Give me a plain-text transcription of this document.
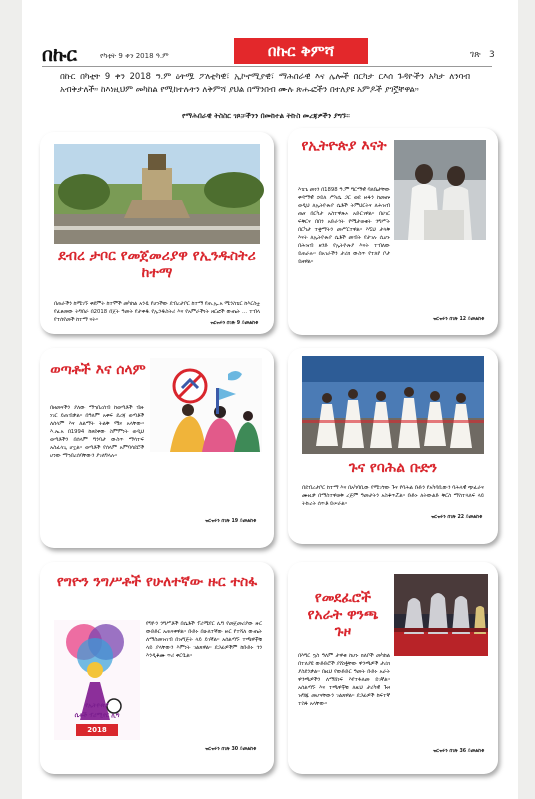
በኩር	የካቲት 9 ቀን 2018 ዓ.ም	በኩር ቅምሻ	ገጽ 3

በኩር በካቲት 9 ቀን 2018 ዓ.ም ዕትሟ ፖለቲካዊ፣ ኢኮኖሚያዊ፣ ማሕበራዊ እና ሌሎች በርካታ ርእሰ ጉዳዮችን አካታ ለንባብ አብቅታለች። ከእነዚህም መካከል የሚከተሉትን ለቅምሻ ያህል በማንበብ ሙሉ ጽሑፎችን በተለያዩ አምዶች ያገኟቸዋል።

የማሕበራዊ ትስስር ገጾቻችንን በመከተል ትኩስ መረጃዎችን ያግኙ።
ደብረ ታቦር የመጀመሪያዋ የኢንዱስትሪ ከተማ
በጠራችን ከሚገኙ ቀደምት ከተሞች መካከል አንዷ የሆነችው ደብረታቦር ከተማ የጠ.ኢ.አ ሚንስቴር ከእርስቷ የፈፀመው ትግበራ በ2018 በጀት ዓመት የታቀዱ የኢንዱስትሪ እና የአምራችነት ዘርፎች ውጤት ... ተብላ የተሰየመች ከተማ ናት።
ዝርዝሩን በገጽ 9 ይመልከቱ
የኢትዮጵያ እናት
እቴጌ መነን በ1898 ዓ.ም ግርማዊ ባለቤታቸው ቀዳማዊ ኃይለ ሥላሴ ጋር ወደ ዙፋን ከመጡ ወዲህ ለኢትዮጵያ ሴቶች ትምህርትና ለሕዝብ ጤና በርካታ አስተዋጽኦ አድርገዋል። በሀገር ፍቅርና በበጎ አድራጎት የሚታወቁት ንግሥት በርካታ ተቋማትን መሥርተዋል። እኚህ ታላቅ እናት ለኢትዮጵያ ሴቶች መብት የታገሉ ሲሆኑ በሕዝብ ዘንድ የኢትዮጵያ እናት ተብለው ይጠራሉ። በአገራችን ታሪክ ውስጥ የተለየ ቦታ ይዘዋል።
ዝርዝሩን በገጽ 12 ይመልከቱ
ወጣቶች እና ሰላም
በዘመናችን ያለው ማኅበረሰብ ከወጣቶች ብዙ ነገር ይጠብቃል። በዓለም አቀፍ ደረጃ ወጣቶች ለሰላም እና ለልማት ትልቅ ሚና አላቸው። እ.ኤ.አ በ1994 ከፀደቀው ስምምነት ወዲህ ወጣቶችን በሰላም ግንባታ ውስጥ ማሳተፍ አስፈላጊ ሆኗል። ወጣቶች የሰላም አምባሳደሮች ሆነው ማኅበረሰባቸውን ያገለግላሉ።
ዝርዝሩን በገጽ 19 ይመልከቱ
ጉና የባሕል ቡድን
በደብረታቦር ከተማ እና በአካባቢው የሚገኘው ጉና የባሕል ቡድን የአካባቢውን ባሕላዊ ጭፈራና ሙዚቃ በማስተዋወቅ ረጅም ዓመታትን አስቆጥሯል። ቡድኑ ለትውልድ ቅርስ ማስተላለፍ ላይ ትኩረት ሰጥቶ ይሠራል።
ዝርዝሩን በገጽ 22 ይመልከቱ
የግዮን ንግሥቶች የሁለተኛው ዙር ተስፋ
የኢትዮጵያ
ሴቶች ፕሪሚየር ሊግ
2018
የግዮን ንግሥቶች በሴቶች ፕሪሚየር ሊግ የመጀመሪያው ዙር ውድድር አጠናቀዋል። ቡድኑ በሁለተኛው ዙር የተሻለ ውጤት ለማስመዝገብ በዝግጅት ላይ ይገኛል። አሰልጣኙ ተጫዋቾቹ ላይ ያላቸውን እምነት ገልጸዋል። ደጋፊዎችም ከቡድኑ ጎን እንዲቆሙ ጥሪ ቀርቧል።
ዝርዝሩን በገጽ 30 ይመልከቱ
የመደፈሮች የአራት ዋንጫ ጉዞ
በእግር ኳስ ዓለም ታዋቂ ከሆኑ ክለቦች መካከል በተለያዩ ውድድሮች ያሸነፏቸው ዋንጫዎች ታሪክ ያስደንቃል። በዚህ የውድድር ዓመት ቡድኑ አራት ዋንጫዎችን ለማሸነፍ እየተፋለመ ይገኛል። አሰልጣኙ እና ተጫዋቾቹ ለዚህ ታሪካዊ ጉዞ ዝግጁ መሆናቸውን ገልጸዋል። ደጋፊዎች ከፍተኛ ተስፋ አላቸው።
ዝርዝሩን በገጽ 36 ይመልከቱ
